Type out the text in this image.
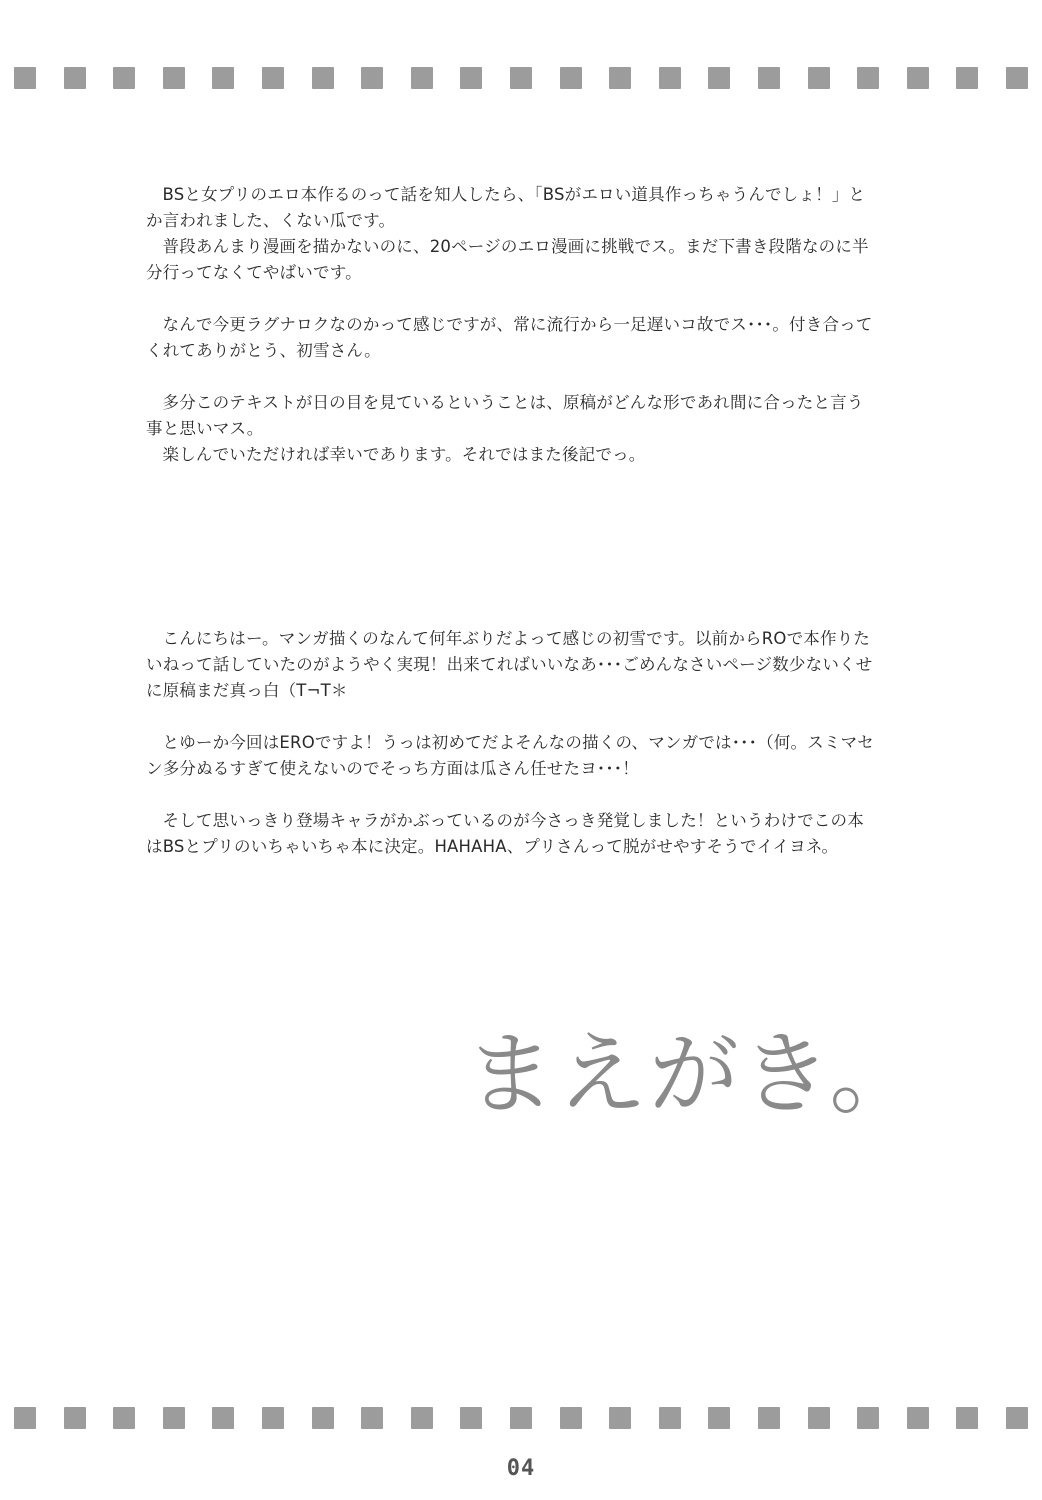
BSと女プリのエロ本作るのって話を知人したら、「BSがエロい道具作っちゃうんでしょ！」とか言われました、くない瓜です。

普段あんまり漫画を描かないのに、20ページのエロ漫画に挑戦でス。まだ下書き段階なのに半分行ってなくてやばいです。

なんで今更ラグナロクなのかって感じですが、常に流行から一足遅いコ故でス･･･。付き合ってくれてありがとう、初雪さん。

多分このテキストが日の目を見ているということは、原稿がどんな形であれ間に合ったと言う事と思いマス。

楽しんでいただければ幸いであります。それではまた後記でっ。

こんにちはー。マンガ描くのなんて何年ぶりだよって感じの初雪です。以前からROで本作りたいねって話していたのがようやく実現！出来てればいいなあ･･･ごめんなさいページ数少ないくせに原稿まだ真っ白（T¬T＊

とゆーか今回はEROですよ！うっは初めてだよそんなの描くの、マンガでは･･･（何。スミマセン多分ぬるすぎて使えないのでそっち方面は瓜さん任せたヨ･･･！

そして思いっきり登場キャラがかぶっているのが今さっき発覚しました！というわけでこの本はBSとプリのいちゃいちゃ本に決定。HAHAHA、プリさんって脱がせやすそうでイイヨネ。

まえがき。
04
